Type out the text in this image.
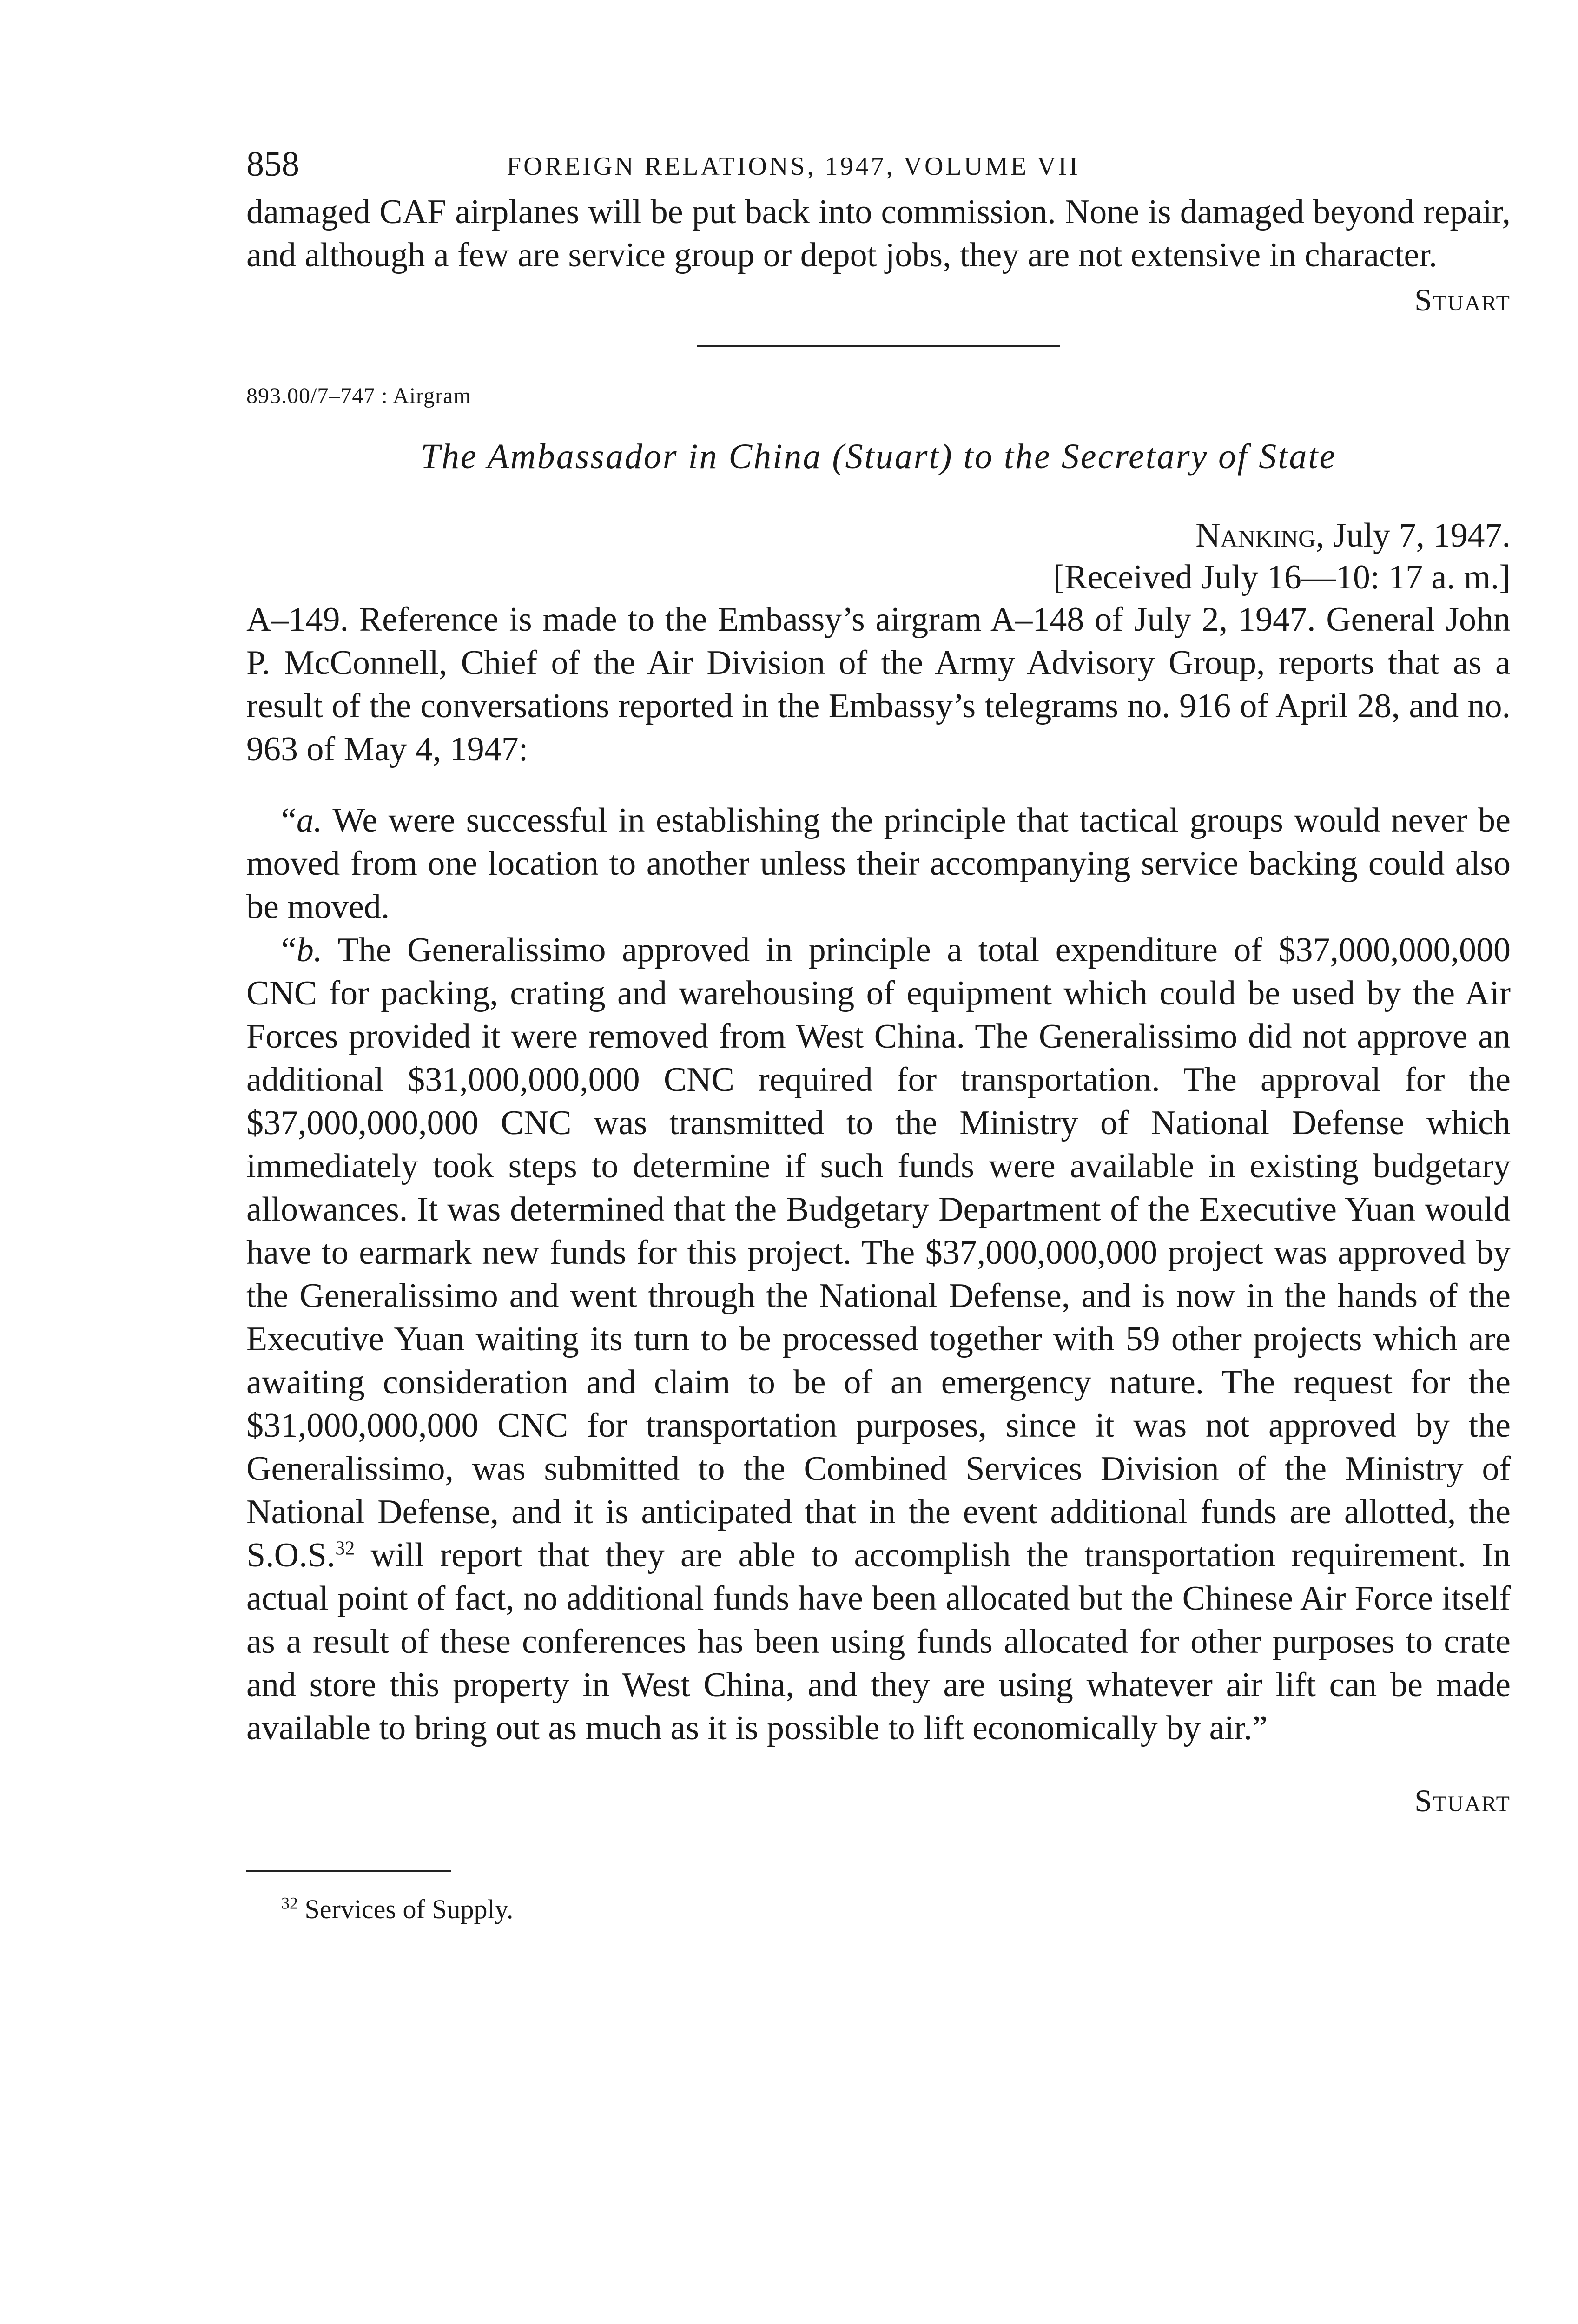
858	FOREIGN RELATIONS, 1947, VOLUME VII

damaged CAF airplanes will be put back into commission. None is damaged beyond repair, and although a few are service group or depot jobs, they are not extensive in character.

Stuart
893.00/7–747 : Airgram
The Ambassador in China (Stuart) to the Secretary of State
Nanking, July 7, 1947.
[Received July 16—10: 17 a. m.]

A–149. Reference is made to the Embassy’s airgram A–148 of July 2, 1947. General John P. McConnell, Chief of the Air Division of the Army Advisory Group, reports that as a result of the conversations reported in the Embassy’s telegrams no. 916 of April 28, and no. 963 of May 4, 1947:

“a. We were successful in establishing the principle that tactical groups would never be moved from one location to another unless their accompanying service backing could also be moved.

“b. The Generalissimo approved in principle a total expenditure of $37,000,000,000 CNC for packing, crating and warehousing of equipment which could be used by the Air Forces provided it were removed from West China. The Generalissimo did not approve an additional $31,000,000,000 CNC required for transportation. The approval for the $37,000,000,000 CNC was transmitted to the Ministry of National Defense which immediately took steps to determine if such funds were available in existing budgetary allowances. It was determined that the Budgetary Department of the Executive Yuan would have to earmark new funds for this project. The $37,000,000,000 project was approved by the Generalissimo and went through the National Defense, and is now in the hands of the Executive Yuan waiting its turn to be processed together with 59 other projects which are awaiting consideration and claim to be of an emergency nature. The request for the $31,000,000,000 CNC for transportation purposes, since it was not approved by the Generalissimo, was submitted to the Combined Services Division of the Ministry of National Defense, and it is anticipated that in the event additional funds are allotted, the S.O.S.$^{32}$ will report that they are able to accomplish the transportation requirement. In actual point of fact, no additional funds have been allocated but the Chinese Air Force itself as a result of these conferences has been using funds allocated for other purposes to crate and store this property in West China, and they are using whatever air lift can be made available to bring out as much as it is possible to lift economically by air.”

Stuart
$^{32}$ Services of Supply.
